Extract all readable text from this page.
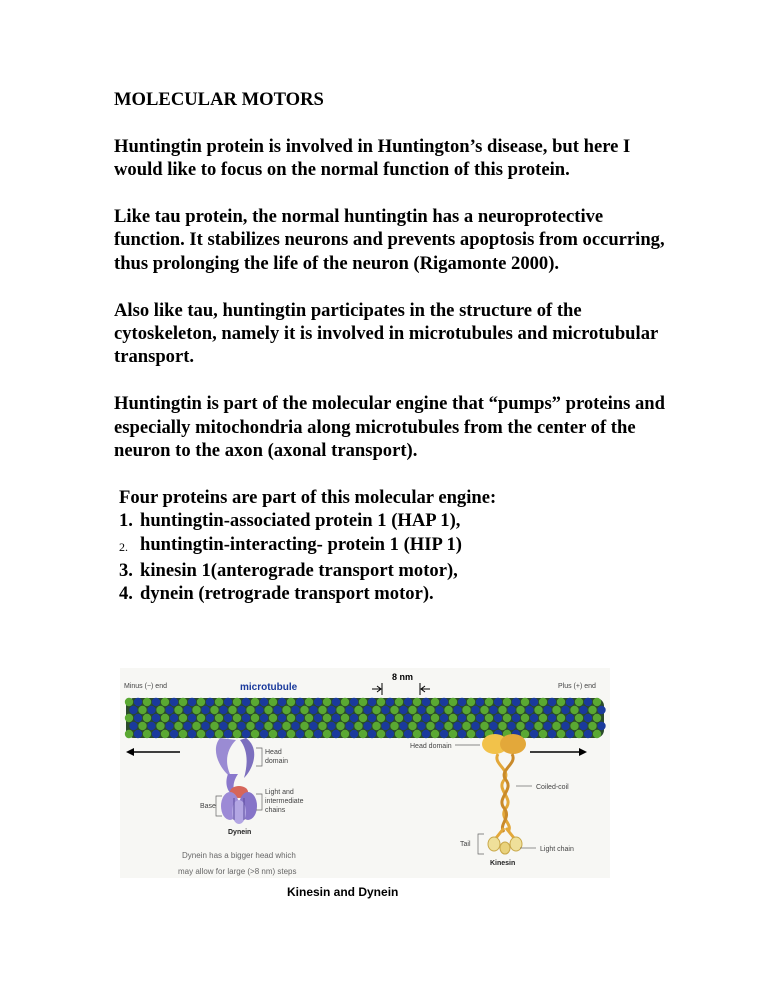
MOLECULAR MOTORS

Huntingtin protein is involved in Huntington’s disease, but here I would like to focus on the normal function of this protein.

Like tau protein, the normal huntingtin has a neuroprotective function. It stabilizes neurons and prevents apoptosis from occurring, thus prolonging the life of the neuron (Rigamonte 2000).

Also like tau, huntingtin participates in the structure of the cytoskeleton, namely it is involved in microtubules and microtubular transport.

Huntingtin is part of the molecular engine that “pumps” proteins and especially mitochondria along microtubules from the center of the neuron to the axon (axonal transport).

Four proteins are part of this molecular engine:
1. huntingtin-associated protein 1 (HAP 1),
2. huntingtin-interacting- protein 1 (HIP 1)
3. kinesin 1(anterograde transport motor),
4. dynein (retrograde transport motor).
Minus (−) end	Plus (+) end
microtubule
8 nm
Head
domain
Light and
intermediate
chains
Base
Dynein
Head domain
Coiled-coil
Tail
Light chain
Kinesin
Dynein has a bigger head which
may allow for large (>8 nm) steps
Kinesin and Dynein
